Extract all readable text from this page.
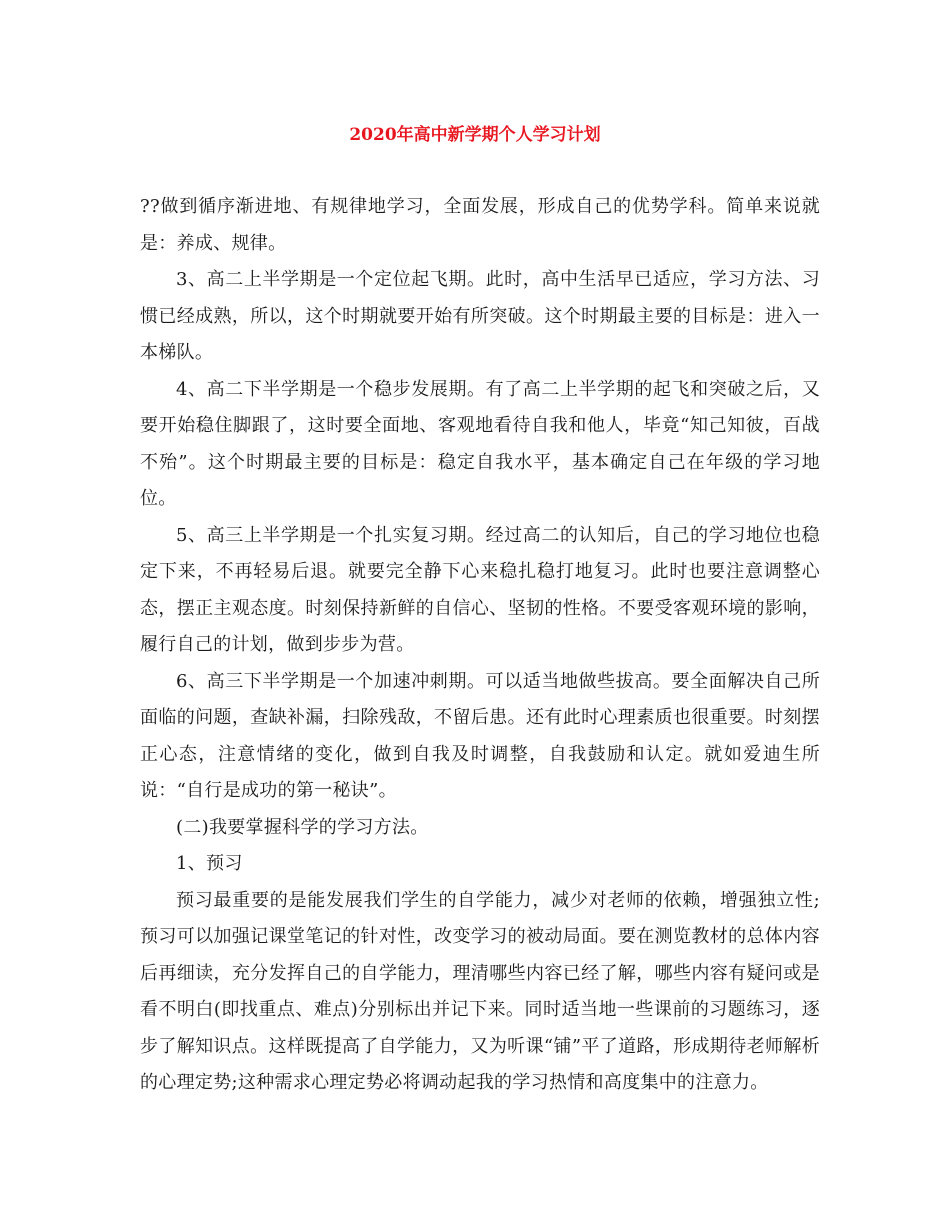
2020年高中新学期个人学习计划

??做到循序渐进地、有规律地学习，全面发展，形成自己的优势学科。简单来说就是：养成、规律。

3、高二上半学期是一个定位起飞期。此时，高中生活早已适应，学习方法、习惯已经成熟，所以，这个时期就要开始有所突破。这个时期最主要的目标是：进入一本梯队。

4、高二下半学期是一个稳步发展期。有了高二上半学期的起飞和突破之后，又要开始稳住脚跟了，这时要全面地、客观地看待自我和他人，毕竟“知己知彼，百战不殆”。这个时期最主要的目标是：稳定自我水平，基本确定自己在年级的学习地位。

5、高三上半学期是一个扎实复习期。经过高二的认知后，自己的学习地位也稳定下来，不再轻易后退。就要完全静下心来稳扎稳打地复习。此时也要注意调整心态，摆正主观态度。时刻保持新鲜的自信心、坚韧的性格。不要受客观环境的影响，履行自己的计划，做到步步为营。

6、高三下半学期是一个加速冲刺期。可以适当地做些拔高。要全面解决自己所面临的问题，查缺补漏，扫除残敌，不留后患。还有此时心理素质也很重要。时刻摆正心态，注意情绪的变化，做到自我及时调整，自我鼓励和认定。就如爱迪生所说：“自行是成功的第一秘诀”。

(二)我要掌握科学的学习方法。

1、预习

预习最重要的是能发展我们学生的自学能力，减少对老师的依赖，增强独立性;预习可以加强记课堂笔记的针对性，改变学习的被动局面。要在测览教材的总体内容后再细读，充分发挥自己的自学能力，理清哪些内容已经了解，哪些内容有疑问或是看不明白(即找重点、难点)分别标出并记下来。同时适当地一些课前的习题练习，逐步了解知识点。这样既提高了自学能力，又为听课“铺”平了道路，形成期待老师解析的心理定势;这种需求心理定势必将调动起我的学习热情和高度集中的注意力。
